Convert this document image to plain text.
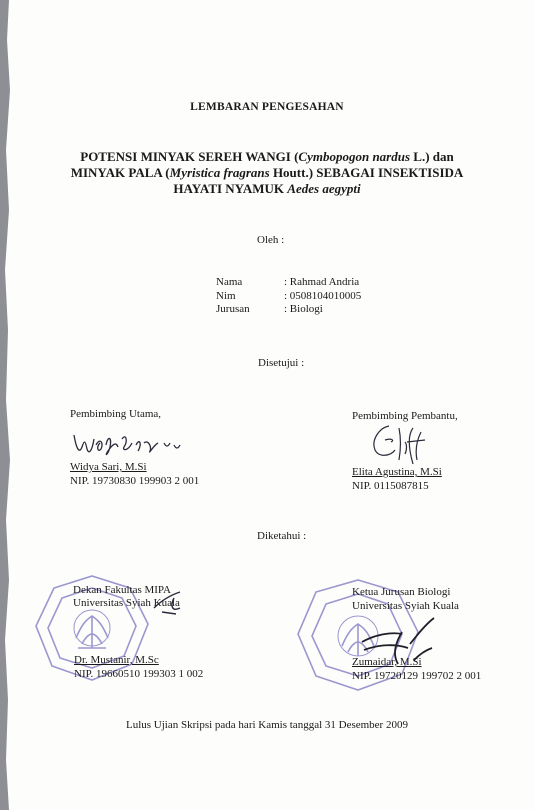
LEMBARAN PENGESAHAN
POTENSI MINYAK SEREH WANGI (Cymbopogon nardus L.) dan
MINYAK PALA (Myristica fragrans Houtt.) SEBAGAI INSEKTISIDA
HAYATI NYAMUK Aedes aegypti
Oleh :
Nama	: Rahmad Andria
Nim	: 0508104010005
Jurusan	: Biologi
Disetujui :
Pembimbing Utama,
Widya Sari, M.Si
NIP. 19730830 199903 2 001
Pembimbing Pembantu,
Elita Agustina, M.Si
NIP. 0115087815
Diketahui :
Dekan Fakultas MIPA
Universitas Syiah Kuala
Dr. Mustanir, M.Sc
NIP. 19660510 199303 1 002
Ketua Jurusan Biologi
Universitas Syiah Kuala
Zumaidar, M.Si
NIP. 19720129 199702 2 001
Lulus Ujian Skripsi pada hari Kamis tanggal 31 Desember 2009
